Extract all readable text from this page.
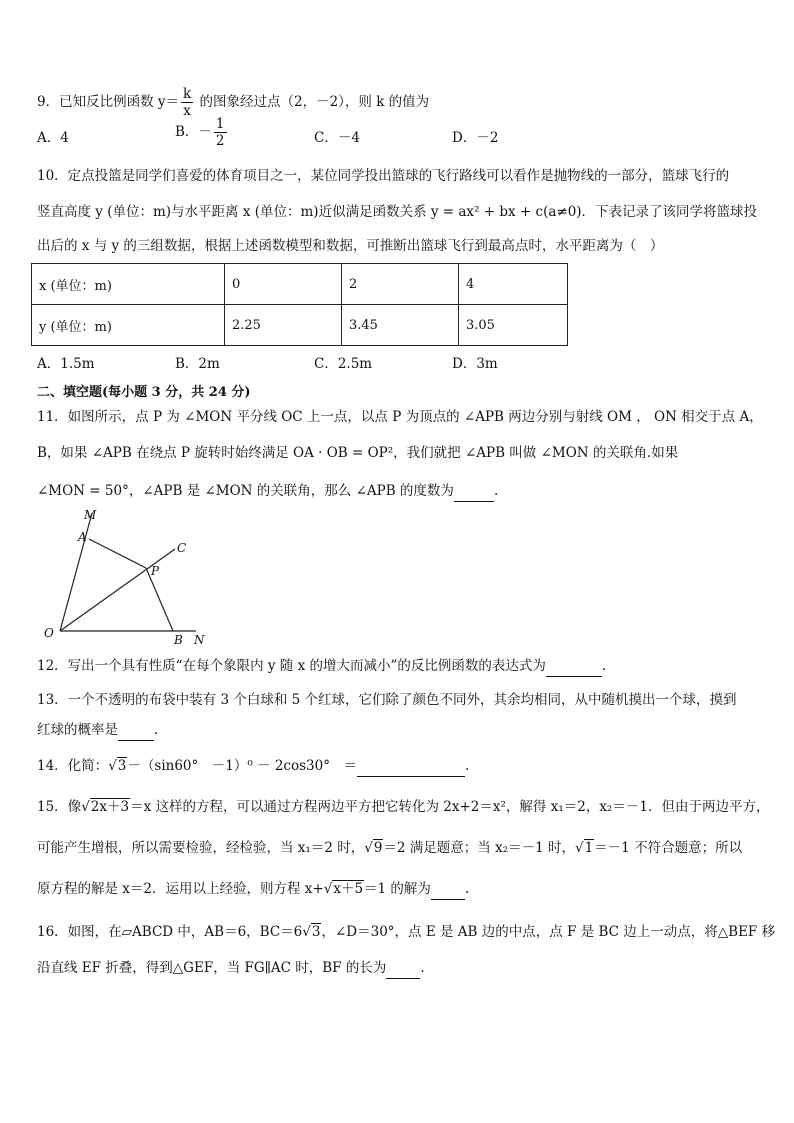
9．已知反比例函数 $y= \frac{k}{x}$ 的图象经过点（2，－2），则 k 的值为
A．4	B．－ $\frac{1}{2}$	C．－4	D．－2
10．定点投篮是同学们喜爱的体育项目之一，某位同学投出篮球的飞行路线可以看作是抛物线的一部分，篮球飞行的
竖直高度 y (单位：m)与水平距离 x (单位：m)近似满足函数关系 y = ax² + bx + c(a≠0)．下表记录了该同学将篮球投
出后的 x 与 y 的三组数据，根据上述函数模型和数据，可推断出篮球飞行到最高点时，水平距离为（　）
x (单位：m)	0	2	4
y (单位：m)	2.25	3.45	3.05
A．1.5m	B．2m	C．2.5m	D．3m
二、填空题(每小题 3 分，共 24 分)
11．如图所示，点 P 为 ∠MON 平分线 OC 上一点，以点 P 为顶点的 ∠APB 两边分别与射线 OM ， ON 相交于点 A，
B，如果 ∠APB 在绕点 P 旋转时始终满足 OA · OB = OP²，我们就把 ∠APB 叫做 ∠MON 的关联角.如果
∠MON = 50°，∠APB 是 ∠MON 的关联角，那么 ∠APB 的度数为	.
M
A
C
P
O	B N
12．写出一个具有性质“在每个象限内 y 随 x 的增大而减小”的反比例函数的表达式为	.
13．一个不透明的布袋中装有 3 个白球和 5 个红球，它们除了颜色不同外，其余均相同，从中随机摸出一个球，摸到
红球的概率是	.
14．化简：√3－（sin60°　－1）⁰ － 2cos30°　＝	.
15．像√2x＋3＝x 这样的方程，可以通过方程两边平方把它转化为 2x+2＝x²，解得 x₁＝2，x₂＝－1．但由于两边平方，
可能产生增根，所以需要检验，经检验，当 x₁＝2 时，√9＝2 满足题意；当 x₂＝－1 时，√1＝－1 不符合题意；所以
原方程的解是 x＝2．运用以上经验，则方程 x+√x＋5＝1 的解为	.
16．如图，在▱ABCD 中，AB＝6，BC＝6√3，∠D＝30°，点 E 是 AB 边的中点，点 F 是 BC 边上一动点，将△BEF 移
沿直线 EF 折叠，得到△GEF，当 FG∥AC 时，BF 的长为	.
